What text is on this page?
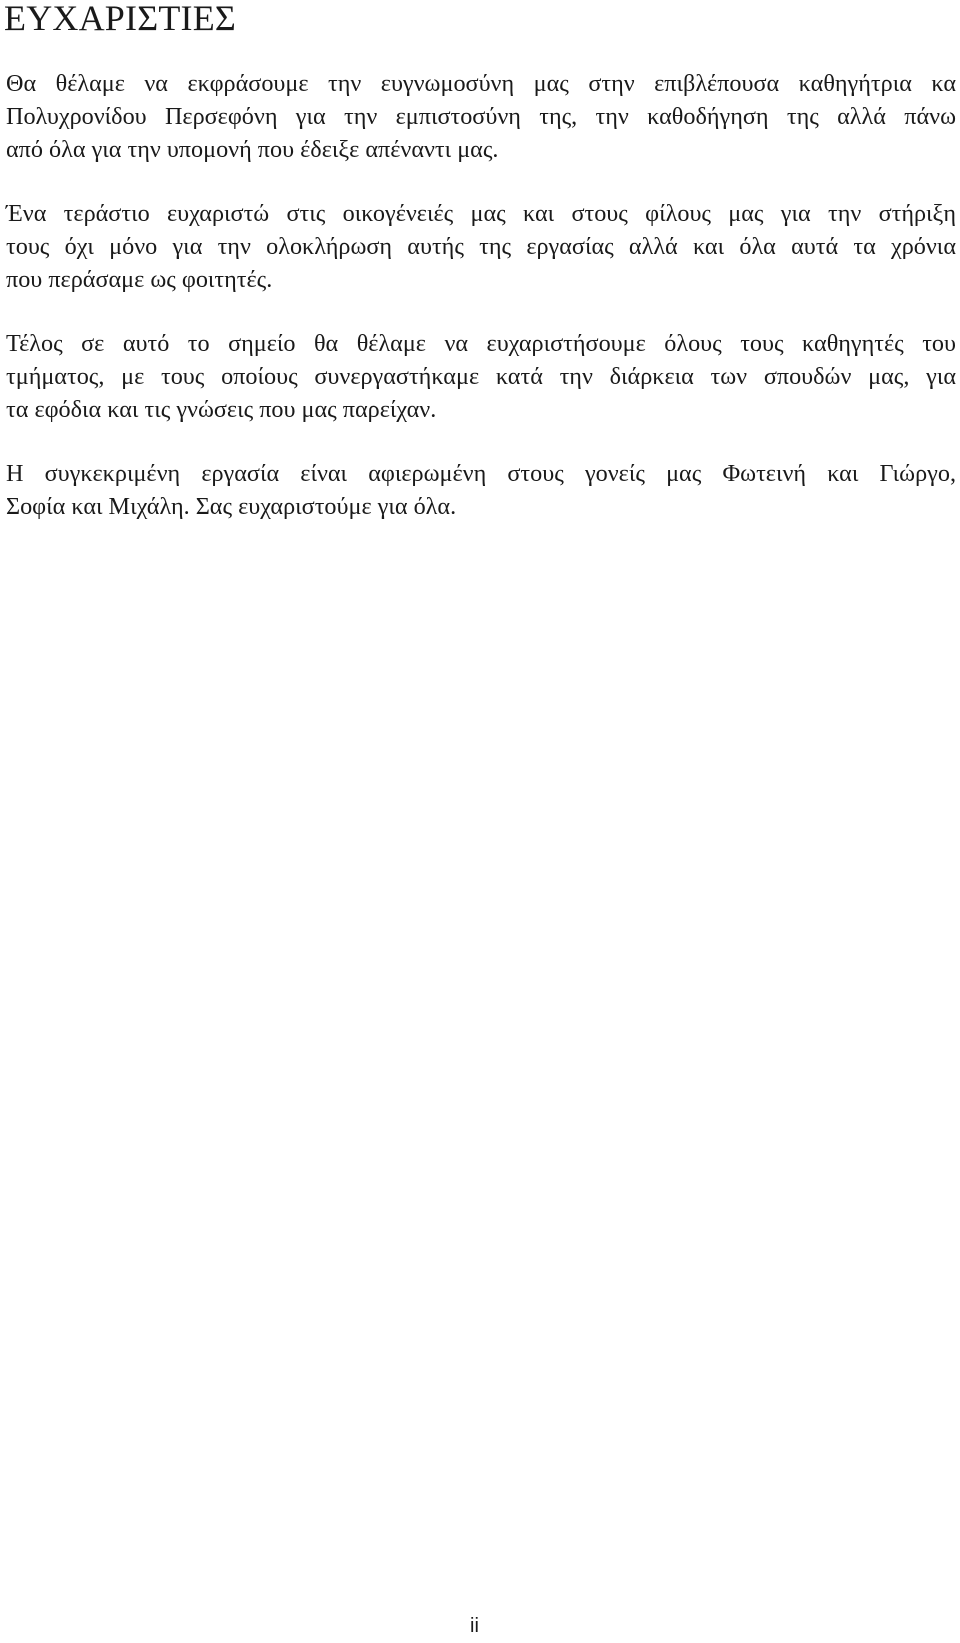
ΕΥΧΑΡΙΣΤΙΕΣ

Θα θέλαμε να εκφράσουμε την ευγνωμοσύνη μας στην επιβλέπουσα καθηγήτρια κα
Πολυχρονίδου Περσεφόνη για την εμπιστοσύνη της, την καθοδήγηση της αλλά πάνω
από όλα για την υπομονή που έδειξε απέναντι μας.

Ένα τεράστιο ευχαριστώ στις οικογένειές μας και στους φίλους μας για την στήριξη
τους όχι μόνο για την ολοκλήρωση αυτής της εργασίας αλλά και όλα αυτά τα χρόνια
που περάσαμε ως φοιτητές.

Τέλος σε αυτό το σημείο θα θέλαμε να ευχαριστήσουμε όλους τους καθηγητές του
τμήματος, με τους οποίους συνεργαστήκαμε κατά την διάρκεια των σπουδών μας, για
τα εφόδια και τις γνώσεις που μας παρείχαν.

Η συγκεκριμένη εργασία είναι αφιερωμένη στους γονείς μας Φωτεινή και Γιώργο,
Σοφία και Μιχάλη. Σας ευχαριστούμε για όλα.

ii
